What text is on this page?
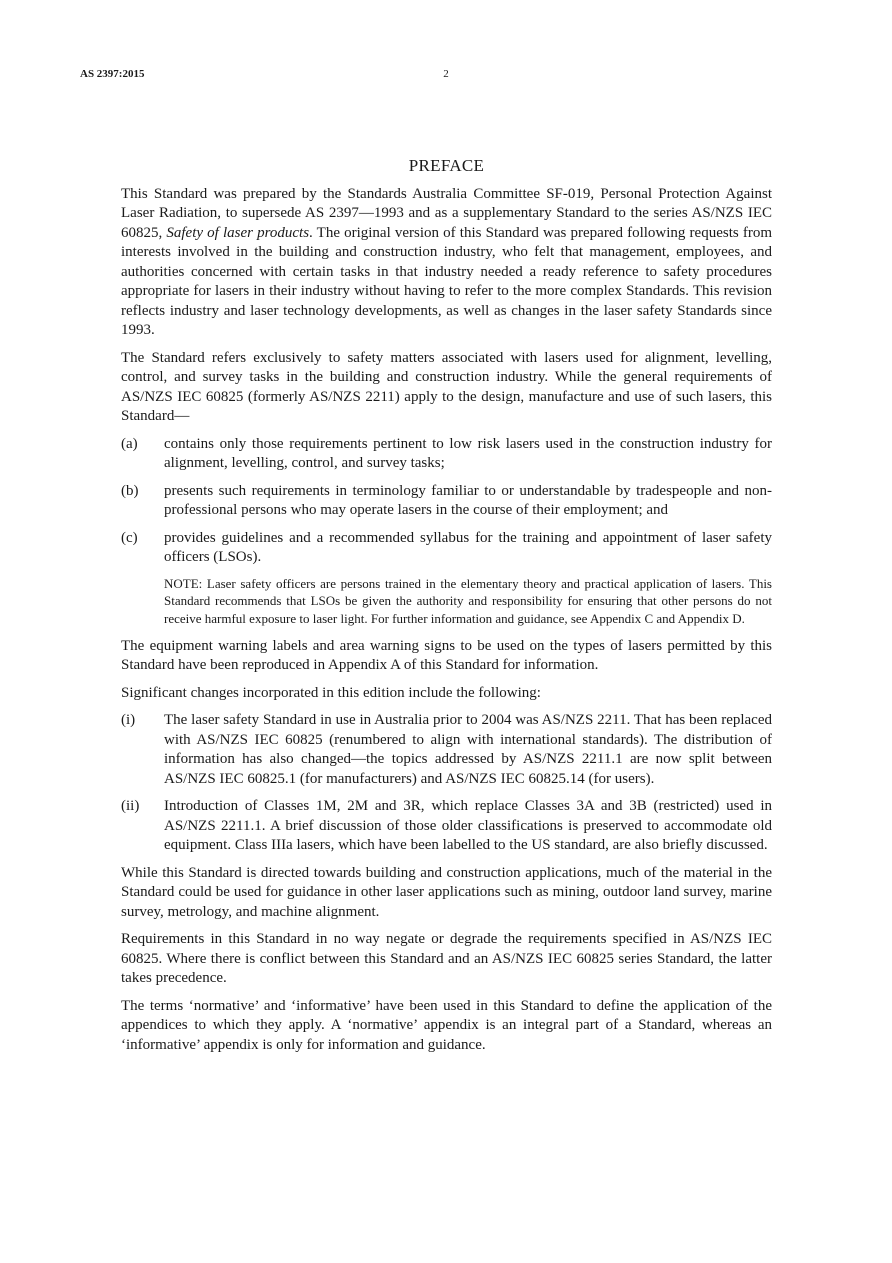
AS 2397:2015	2
PREFACE

This Standard was prepared by the Standards Australia Committee SF-019, Personal Protection Against Laser Radiation, to supersede AS 2397—1993 and as a supplementary Standard to the series AS/NZS IEC 60825, Safety of laser products. The original version of this Standard was prepared following requests from interests involved in the building and construction industry, who felt that management, employees, and authorities concerned with certain tasks in that industry needed a ready reference to safety procedures appropriate for lasers in their industry without having to refer to the more complex Standards. This revision reflects industry and laser technology developments, as well as changes in the laser safety Standards since 1993.

The Standard refers exclusively to safety matters associated with lasers used for alignment, levelling, control, and survey tasks in the building and construction industry. While the general requirements of AS/NZS IEC 60825 (formerly AS/NZS 2211) apply to the design, manufacture and use of such lasers, this Standard—

(a)	contains only those requirements pertinent to low risk lasers used in the construction industry for alignment, levelling, control, and survey tasks;
(b)	presents such requirements in terminology familiar to or understandable by tradespeople and non-professional persons who may operate lasers in the course of their employment; and
(c)	provides guidelines and a recommended syllabus for the training and appointment of laser safety officers (LSOs).
NOTE: Laser safety officers are persons trained in the elementary theory and practical application of lasers. This Standard recommends that LSOs be given the authority and responsibility for ensuring that other persons do not receive harmful exposure to laser light. For further information and guidance, see Appendix C and Appendix D.

The equipment warning labels and area warning signs to be used on the types of lasers permitted by this Standard have been reproduced in Appendix A of this Standard for information.

Significant changes incorporated in this edition include the following:

(i)	The laser safety Standard in use in Australia prior to 2004 was AS/NZS 2211. That has been replaced with AS/NZS IEC 60825 (renumbered to align with international standards). The distribution of information has also changed—the topics addressed by AS/NZS 2211.1 are now split between AS/NZS IEC 60825.1 (for manufacturers) and AS/NZS IEC 60825.14 (for users).
(ii)	Introduction of Classes 1M, 2M and 3R, which replace Classes 3A and 3B (restricted) used in AS/NZS 2211.1. A brief discussion of those older classifications is preserved to accommodate old equipment. Class IIIa lasers, which have been labelled to the US standard, are also briefly discussed.

While this Standard is directed towards building and construction applications, much of the material in the Standard could be used for guidance in other laser applications such as mining, outdoor land survey, marine survey, metrology, and machine alignment.

Requirements in this Standard in no way negate or degrade the requirements specified in AS/NZS IEC 60825. Where there is conflict between this Standard and an AS/NZS IEC 60825 series Standard, the latter takes precedence.

The terms ‘normative’ and ‘informative’ have been used in this Standard to define the application of the appendices to which they apply. A ‘normative’ appendix is an integral part of a Standard, whereas an ‘informative’ appendix is only for information and guidance.
